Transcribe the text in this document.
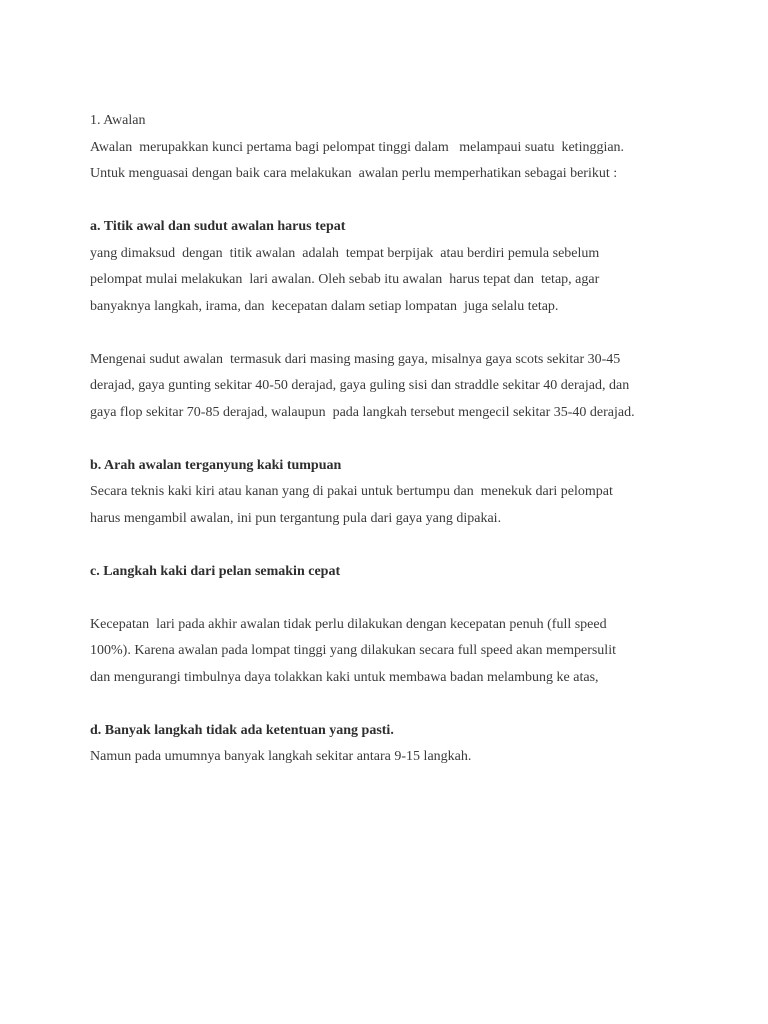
1. Awalan
Awalan  merupakkan kunci pertama bagi pelompat tinggi dalam   melampaui suatu  ketinggian.
Untuk menguasai dengan baik cara melakukan  awalan perlu memperhatikan sebagai berikut :
a. Titik awal dan sudut awalan harus tepat
yang dimaksud  dengan  titik awalan  adalah  tempat berpijak  atau berdiri pemula sebelum
pelompat mulai melakukan  lari awalan. Oleh sebab itu awalan  harus tepat dan  tetap, agar
banyaknya langkah, irama, dan  kecepatan dalam setiap lompatan  juga selalu tetap.
Mengenai sudut awalan  termasuk dari masing masing gaya, misalnya gaya scots sekitar 30-45
derajad, gaya gunting sekitar 40-50 derajad, gaya guling sisi dan straddle sekitar 40 derajad, dan
gaya flop sekitar 70-85 derajad, walaupun  pada langkah tersebut mengecil sekitar 35-40 derajad.
b. Arah awalan terganyung kaki tumpuan
Secara teknis kaki kiri atau kanan yang di pakai untuk bertumpu dan  menekuk dari pelompat
harus mengambil awalan, ini pun tergantung pula dari gaya yang dipakai.
c. Langkah kaki dari pelan semakin cepat
Kecepatan  lari pada akhir awalan tidak perlu dilakukan dengan kecepatan penuh (full speed
100%). Karena awalan pada lompat tinggi yang dilakukan secara full speed akan mempersulit
dan mengurangi timbulnya daya tolakkan kaki untuk membawa badan melambung ke atas,
d. Banyak langkah tidak ada ketentuan yang pasti.
Namun pada umumnya banyak langkah sekitar antara 9-15 langkah.
